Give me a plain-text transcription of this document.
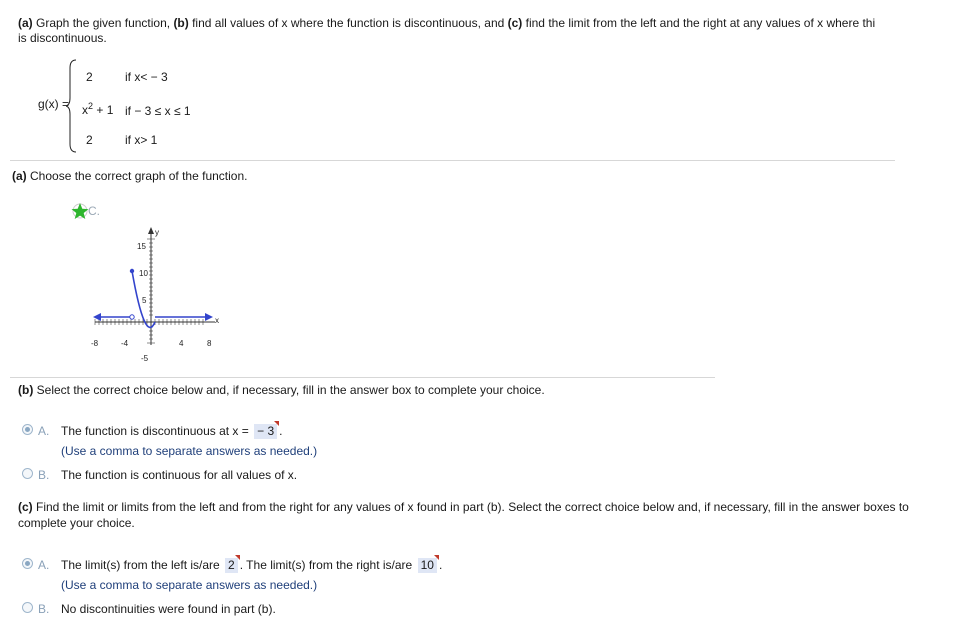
(a) Graph the given function, (b) find all values of x where the function is discontinuous, and (c) find the limit from the left and the right at any values of x where thi
is discontinuous.
g(x) =
2	if x< − 3
$x^2 + 1$ if − 3 ≤ x ≤ 1
2	if x> 1
(a) Choose the correct graph of the function.
C.
y
x
15
10
5
-5
-8	-4	4	8
(b) Select the correct choice below and, if necessary, fill in the answer box to complete your choice.
A. The function is discontinuous at x = − 3 .
(Use a comma to separate answers as needed.)
B. The function is continuous for all values of x.
(c) Find the limit or limits from the left and from the right for any values of x found in part (b). Select the correct choice below and, if necessary, fill in the answer boxes to
complete your choice.
A. The limit(s) from the left is/are 2 . The limit(s) from the right is/are 10 .
(Use a comma to separate answers as needed.)
B. No discontinuities were found in part (b).
